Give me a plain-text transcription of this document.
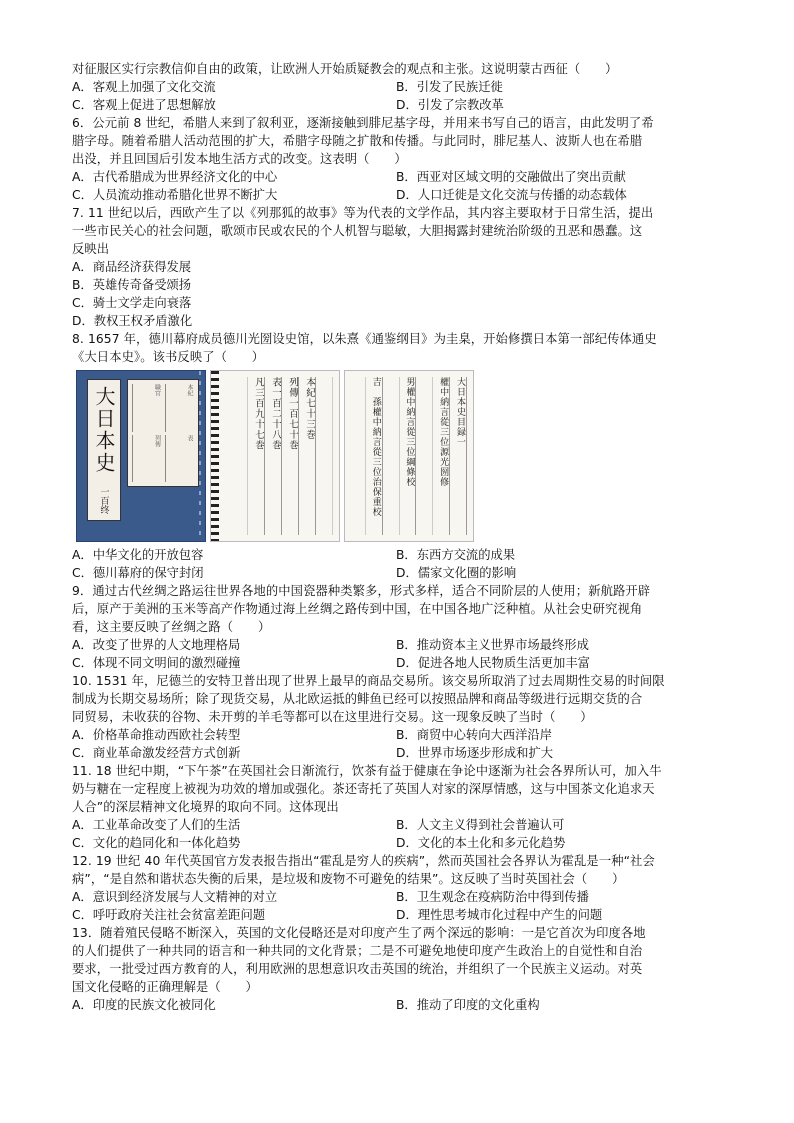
对征服区实行宗教信仰自由的政策，让欧洲人开始质疑教会的观点和主张。这说明蒙古西征（　　）
A．客观上加强了文化交流	B．引发了民族迁徙
C．客观上促进了思想解放	D．引发了宗教改革
6．公元前 8 世纪，希腊人来到了叙利亚，逐渐接触到腓尼基字母，并用来书写自己的语言，由此发明了希
腊字母。随着希腊人活动范围的扩大，希腊字母随之扩散和传播。与此同时，腓尼基人、波斯人也在希腊
出没，并且回国后引发本地生活方式的改变。这表明（　　）
A．古代希腊成为世界经济文化的中心	B．西亚对区域文明的交融做出了突出贡献
C．人员流动推动希腊化世界不断扩大	D．人口迁徙是文化交流与传播的动态载体
7. 11 世纪以后，西欧产生了以《列那狐的故事》等为代表的文学作品，其内容主要取材于日常生活，提出
一些市民关心的社会问题，歌颂市民或农民的个人机智与聪敏，大胆揭露封建统治阶级的丑恶和愚蠢。这
反映出
A．商品经济获得发展
B．英雄传奇备受颂扬
C．骑士文学走向衰落
D．教权王权矛盾激化
8. 1657 年，德川幕府成员德川光圀设史馆，以朱熹《通鉴纲目》为圭臬，开始修撰日本第一部纪传体通史
《大日本史》。该书反映了（　　）
大日本史
一百终
職官	本紀
列傳	表	本紀七十三巻
列傳一百七十巻
表一百二十八巻
凡三百九十七巻	大日本史目録一
權中納言從三位源光圀修
男權中納言從三位綱條校
吉　孫權中納言從三位治保重校
A．中华文化的开放包容	B．东西方交流的成果
C．德川幕府的保守封闭	D．儒家文化圈的影响
9．通过古代丝绸之路运往世界各地的中国瓷器种类繁多，形式多样，适合不同阶层的人使用；新航路开辟
后，原产于美洲的玉米等高产作物通过海上丝绸之路传到中国，在中国各地广泛种植。从社会史研究视角
看，这主要反映了丝绸之路（　　）
A．改变了世界的人文地理格局	B．推动资本主义世界市场最终形成
C．体现不同文明间的激烈碰撞	D．促进各地人民物质生活更加丰富
10. 1531 年，尼德兰的安特卫普出现了世界上最早的商品交易所。该交易所取消了过去周期性交易的时间限
制成为长期交易场所；除了现货交易，从北欧运抵的鲱鱼已经可以按照品牌和商品等级进行远期交货的合
同贸易，未收获的谷物、未开剪的羊毛等都可以在这里进行交易。这一现象反映了当时（　　）
A．价格革命推动西欧社会转型	B．商贸中心转向大西洋沿岸
C．商业革命激发经营方式创新	D．世界市场逐步形成和扩大
11. 18 世纪中期，“下午茶”在英国社会日渐流行，饮茶有益于健康在争论中逐渐为社会各界所认可，加入牛
奶与糖在一定程度上被视为功效的增加或强化。茶还寄托了英国人对家的深厚情感，这与中国茶文化追求天
人合”的深层精神文化境界的取向不同。这体现出
A．工业革命改变了人们的生活	B．人文主义得到社会普遍认可
C．文化的趋同化和一体化趋势	D．文化的本土化和多元化趋势
12. 19 世纪 40 年代英国官方发表报告指出“霍乱是穷人的疾病”，然而英国社会各界认为霍乱是一种“社会
病”，“是自然和谐状态失衡的后果，是垃圾和废物不可避免的结果”。这反映了当时英国社会（　　）
A．意识到经济发展与人文精神的对立	B．卫生观念在疫病防治中得到传播
C．呼吁政府关注社会贫富差距问题	D．理性思考城市化过程中产生的问题
13．随着殖民侵略不断深入，英国的文化侵略还是对印度产生了两个深远的影响：一是它首次为印度各地
的人们提供了一种共同的语言和一种共同的文化背景；二是不可避免地使印度产生政治上的自觉性和自治
要求，一批受过西方教育的人，利用欧洲的思想意识攻击英国的统治，并组织了一个民族主义运动。对英
国文化侵略的正确理解是（　　）
A．印度的民族文化被同化	B．推动了印度的文化重构
